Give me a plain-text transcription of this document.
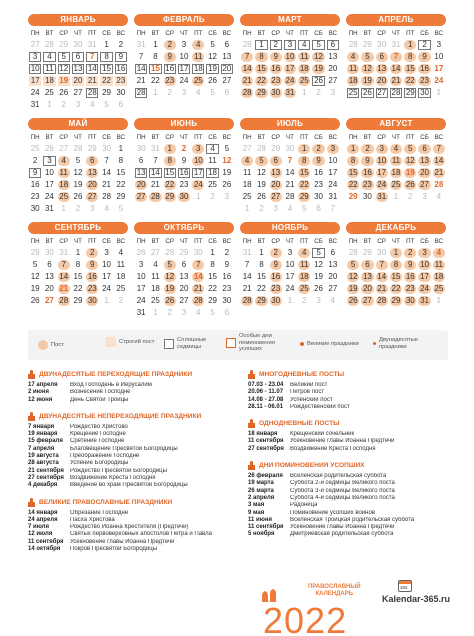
ЯНВАРЬ
ПН ВТ	СР ЧТ	ПТ СБ ВС
27 28 29 30 31 1	2
3	4	5	6	7	8	9
10 11 12 13 14 15 16
17 18 19 20 21 22 23
24 25 26 27 28 29 30
31 1	2	3	4	5	6
ФЕВРАЛЬ
ПН ВТ	СР ЧТ	ПТ СБ ВС
31 1	2	3	4	5	6
7	8	9 10 11 12 13
14 15 16 17 18 19 20
21 22 23 24 25 26 27
28 1	2	3	4	5	6
МАРТ
ПН ВТ	СР ЧТ	ПТ СБ ВС
28 1	2	3	4	5	6
7	8	9 10 11 12 13
14 15 16 17 18 19 20
21 22 23 24 25 26 27
28 29 30 31 1	2	3
АПРЕЛЬ
ПН ВТ	СР ЧТ	ПТ СБ ВС
28 29 30 31 1	2	3
4	5	6	7	8	9 10
11 12 13 14 15 16 17
18 19 20 21 22 23 24
25 26 27 28 29 30 1
МАЙ
ПН ВТ	СР ЧТ	ПТ СБ ВС
25 26 27 28 29 30 1
2	3	4	5	6	7	8
9 10 11 12 13 14 15
16 17 18 19 20 21 22
23 24 25 26 27 28 29
30 31 1	2	3	4	5
ИЮНЬ
ПН ВТ	СР ЧТ	ПТ СБ ВС
30 31 1	2	3	4	5
6	7	8	9 10 11 12
13 14 15 16 17 18 19
20 21 22 23 24 25 26
27 28 29 30 1	2	3
ИЮЛЬ
ПН ВТ	СР ЧТ	ПТ СБ ВС
27 28 29 30 1	2	3
4	5	6	7	8	9 10
11 12 13 14 15 16 17
18 19 20 21 22 23 24
25 26 27 28 29 30 31
1	2	3	4	5	6	7
АВГУСТ
ПН ВТ	СР ЧТ	ПТ СБ ВС
1	2	3	4	5	6	7
8	9 10 11 12 13 14
15 16 17 18 19 20 21
22 23 24 25 26 27 28
29 30 31 1	2	3	4
СЕНТЯБРЬ
ПН ВТ	СР ЧТ	ПТ СБ ВС
29 30 31 1	2	3	4
5	6	7	8	9 10 11
12 13 14 15 16 17 18
19 20 21 22 23 24 25
26 27 28 29 30 1	2
ОКТЯБРЬ
ПН ВТ	СР ЧТ	ПТ СБ ВС
26 27 28 29 30 1	2
3	4	5	6	7	8	9
10 11 12 13 14 15 16
17 18 19 20 21 22 23
24 25 26 27 28 29 30
31 1	2	3	4	5	6
НОЯБРЬ
ПН ВТ	СР ЧТ	ПТ СБ ВС
31 1	2	3	4	5	6
7	8	9 10 11 12 13
14 15 16 17 18 19 20
21 22 23 24 25 26 27
28 29 30 1	2	3	4
ДЕКАБРЬ
ПН ВТ	СР ЧТ	ПТ СБ ВС
28 29 30 1	2	3	4
5	6	7	8	9 10 11
12 13 14 15 16 17 18
19 20 21 22 23 24 25
26 27 28 29 30 31 1
Пост	Строгий пост	Сплошные седмицы
Особые дни поминовения усопших
Великие праздники
Двунадесятые праздники
ДВУНАДЕСЯТЫЕ ПЕРЕХОДЯЩИЕ ПРАЗДНИКИ
17 апреля	Вход Господень в Иерусалим
2 июня	Вознесение Господне
12 июня	День Святой Троицы
ДВУНАДЕСЯТЫЕ НЕПЕРЕХОДЯЩИЕ ПРАЗДНИКИ
7 января	Рождество Христово
19 января	Крещение Господне
15 февраля	Сретение Господне
7 апреля	Благовещение Пресвятой Богородицы
19 августа	Преображение Господне
28 августа	Успение Богородицы
21 сентября	Рождество Пресвятой Богородицы
27 сентября	Воздвижение Креста Господня
4 декабря	Введение во храм Пресвятой Богородицы
ВЕЛИКИЕ ПРАВОСЛАВНЫЕ ПРАЗДНИКИ
14 января	Обрезание Господне
24 апреля	Пасха Христова
7 июля	Рождество Иоанна Крестителя (Предтечи)
12 июля	Святых первоверховных апостолов Петра и Павла
11 сентября	Усекновение главы Иоанна Предтечи
14 октября	Покров Пресвятой Богородицы
МНОГОДНЕВНЫЕ ПОСТЫ
07.03 - 23.04	Великий пост
20.06 - 11.07	Петров пост
14.08 - 27.08	Успенский пост
28.11 - 06.01	Рождественский пост
ОДНОДНЕВНЫЕ ПОСТЫ
18 января	Крещенский сочельник
11 сентября	Усекновение главы Иоанна Предтечи
27 сентября	Воздвижение Креста Господня
ДНИ ПОМИНОВЕНИЯ УСОПШИХ
26 февраля	Вселенская родительская суббота
19 марта	Суббота 2-й седмицы Великого поста
26 марта	Суббота 3-й седмицы Великого поста
2 апреля	Суббота 4-й седмицы Великого поста
3 мая	Радоница
9 мая	Поминовение усопших воинов
11 июня	Вселенская Троицкая родительская суббота
11 сентября	Усекновение главы Иоанна Предтечи
5 ноября	Дмитриевская родительская суббота
ПРАВОСЛАВНЫЙ
КАЛЕНДАРЬ
2022
365
Kalendar-365.ru
